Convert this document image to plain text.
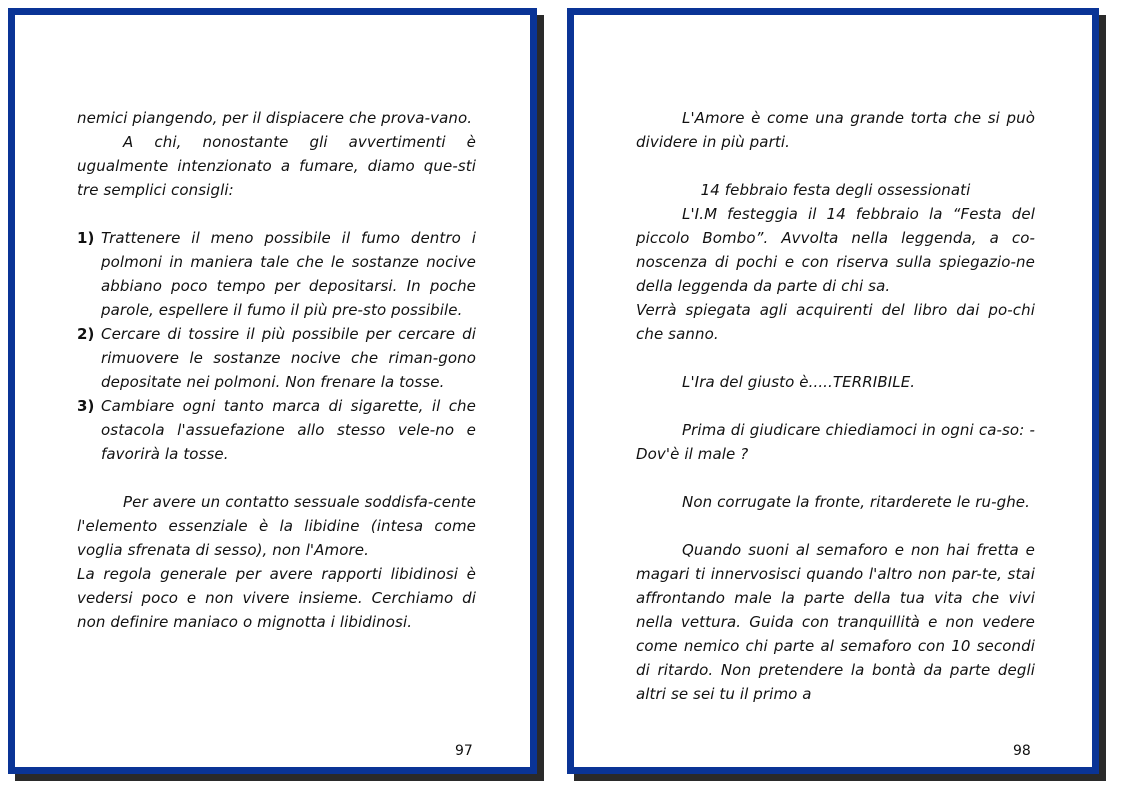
nemici piangendo, per il dispiacere che prova-vano.

A chi, nonostante gli avvertimenti è ugualmente intenzionato a fumare, diamo que-sti tre semplici consigli:

1) Trattenere il meno possibile il fumo dentro i polmoni in maniera tale che le sostanze nocive abbiano poco tempo per depositarsi. In poche parole, espellere il fumo il più pre-sto possibile.
2) Cercare di tossire il più possibile per cercare di rimuovere le sostanze nocive che riman-gono depositate nei polmoni. Non frenare la tosse.
3) Cambiare ogni tanto marca di sigarette, il che ostacola l'assuefazione allo stesso vele-no e favorirà la tosse.

Per avere un contatto sessuale soddisfa-cente l'elemento essenziale è la libidine (intesa come voglia sfrenata di sesso), non l'Amore.

La regola generale per avere rapporti libidinosi è vedersi poco e non vivere insieme. Cerchiamo di non definire maniaco o mignotta i libidinosi.

97

L'Amore è come una grande torta che si può dividere in più parti.

14 febbraio festa degli ossessionati

L'I.M festeggia il 14 febbraio la “Festa del piccolo Bombo”. Avvolta nella leggenda, a co-noscenza di pochi e con riserva sulla spiegazio-ne della leggenda da parte di chi sa.

Verrà spiegata agli acquirenti del libro dai po-chi che sanno.

L'Ira del giusto è.....TERRIBILE.

Prima di giudicare chiediamoci in ogni ca-so: - Dov'è il male ?

Non corrugate la fronte, ritarderete le ru-ghe.

Quando suoni al semaforo e non hai fretta e magari ti innervosisci quando l'altro non par-te, stai affrontando male la parte della tua vita che vivi nella vettura. Guida con tranquillità e non vedere come nemico chi parte al semaforo con 10 secondi di ritardo. Non pretendere la bontà da parte degli altri se sei tu il primo a

98
